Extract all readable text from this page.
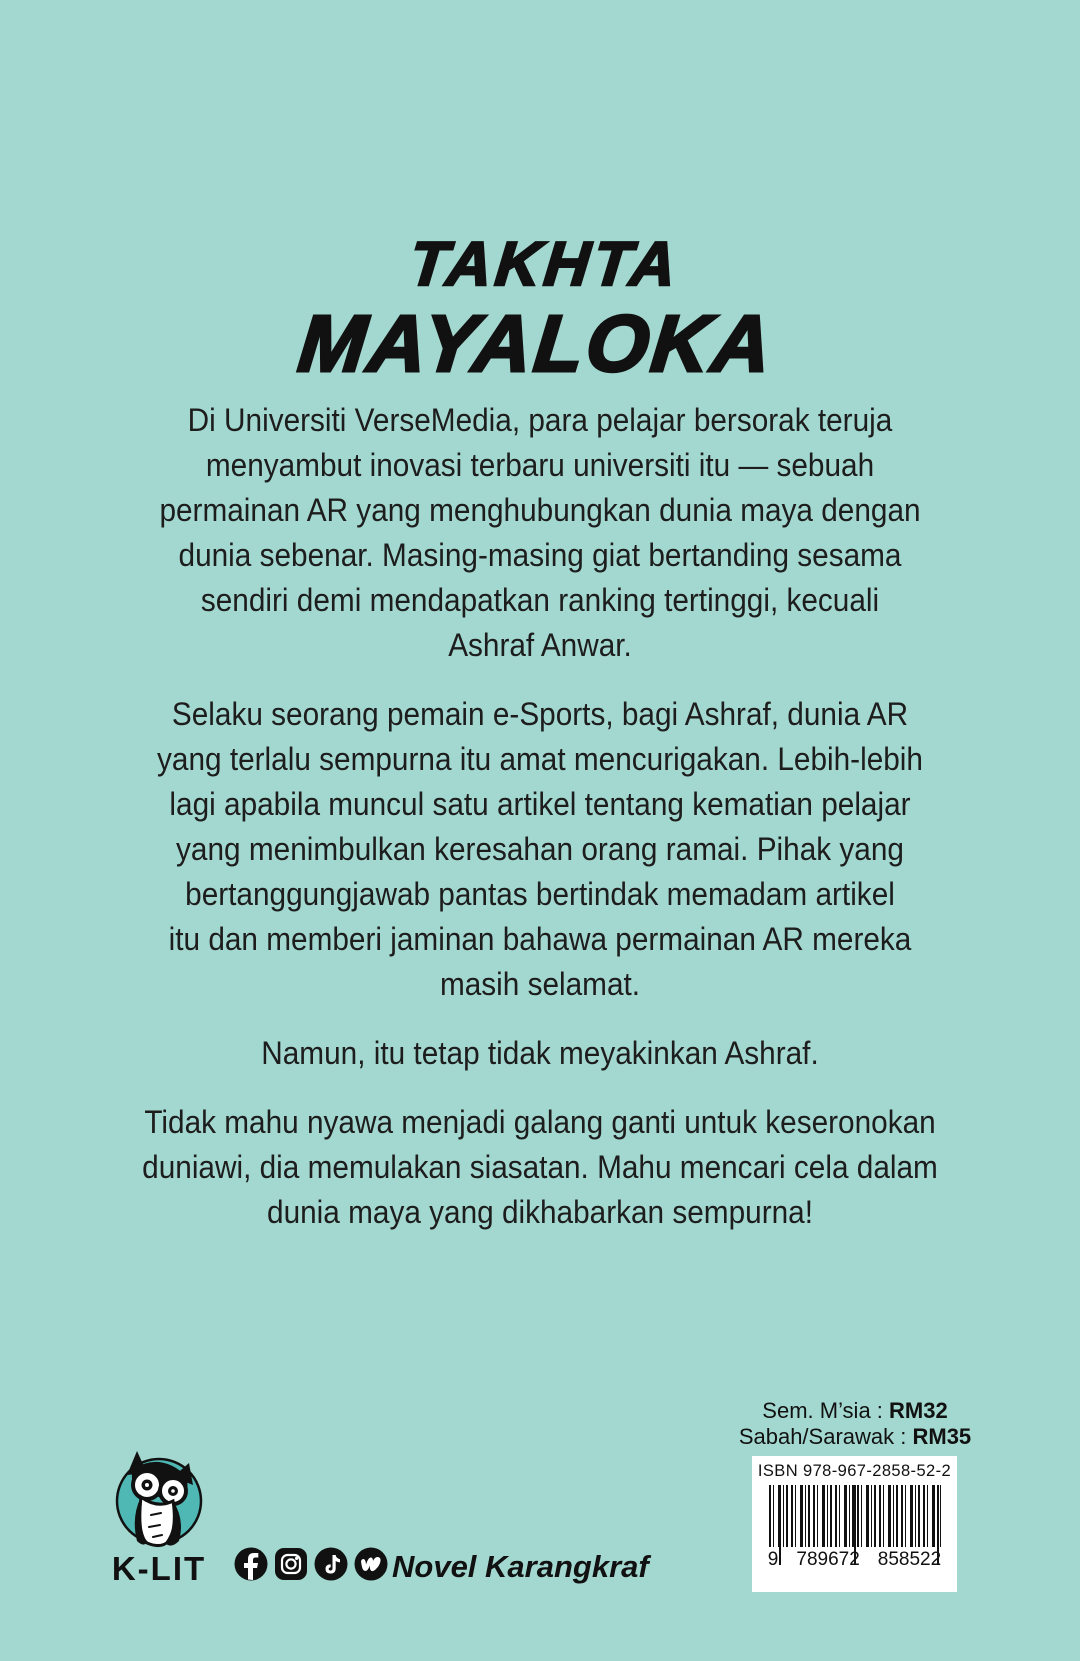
TAKHTA
MAYALOKA

Di Universiti VerseMedia, para pelajar bersorak teruja
menyambut inovasi terbaru universiti itu — sebuah
permainan AR yang menghubungkan dunia maya dengan
dunia sebenar. Masing-masing giat bertanding sesama
sendiri demi mendapatkan ranking tertinggi, kecuali
Ashraf Anwar.

Selaku seorang pemain e-Sports, bagi Ashraf, dunia AR
yang terlalu sempurna itu amat mencurigakan. Lebih-lebih
lagi apabila muncul satu artikel tentang kematian pelajar
yang menimbulkan keresahan orang ramai. Pihak yang
bertanggungjawab pantas bertindak memadam artikel
itu dan memberi jaminan bahawa permainan AR mereka
masih selamat.

Namun, itu tetap tidak meyakinkan Ashraf.

Tidak mahu nyawa menjadi galang ganti untuk keseronokan
duniawi, dia memulakan siasatan. Mahu mencari cela dalam
dunia maya yang dikhabarkan sempurna!

Sem. M’sia : RM32
Sabah/Sarawak : RM35
ISBN 978-967-2858-52-2
9 789672 858522
K-LIT	Novel Karangkraf
